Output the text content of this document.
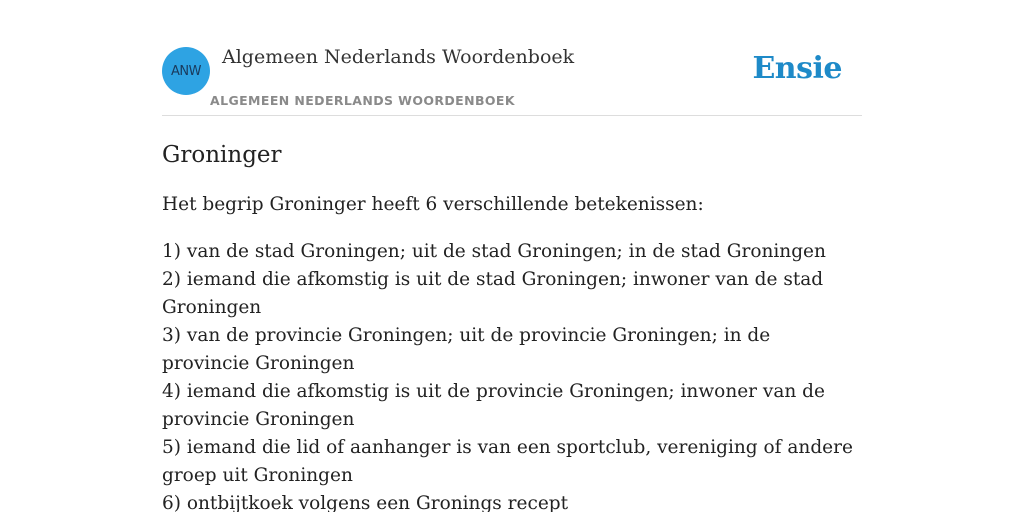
ANW
Algemeen Nederlands Woordenboek
ALGEMEEN NEDERLANDS WOORDENBOEK
Ensie
Groninger
Het begrip Groninger heeft 6 verschillende betekenissen:
1) van de stad Groningen; uit de stad Groningen; in de stad Groningen
2) iemand die afkomstig is uit de stad Groningen; inwoner van de stad Groningen
3) van de provincie Groningen; uit de provincie Groningen; in de provincie Groningen
4) iemand die afkomstig is uit de provincie Groningen; inwoner van de provincie Groningen
5) iemand die lid of aanhanger is van een sportclub, vereniging of andere groep uit Groningen
6) ontbijtkoek volgens een Gronings recept
